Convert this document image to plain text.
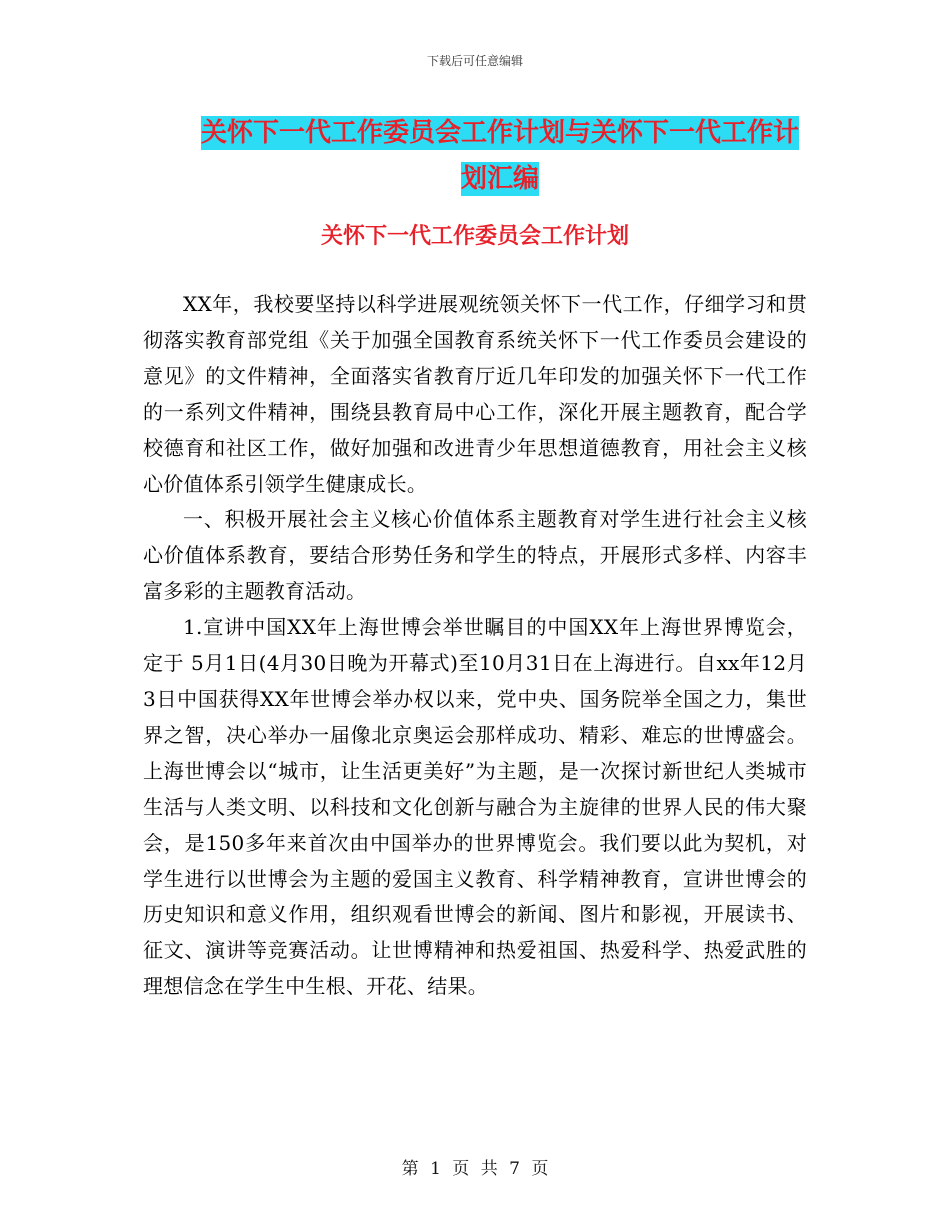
下载后可任意编辑
关怀下一代工作委员会工作计划与关怀下一代工作计划汇编
关怀下一代工作委员会工作计划

XX年，我校要坚持以科学进展观统领关怀下一代工作，仔细学习和贯彻落实教育部党组《关于加强全国教育系统关怀下一代工作委员会建设的意见》的文件精神，全面落实省教育厅近几年印发的加强关怀下一代工作的一系列文件精神，围绕县教育局中心工作，深化开展主题教育，配合学校德育和社区工作，做好加强和改进青少年思想道德教育，用社会主义核心价值体系引领学生健康成长。

一、积极开展社会主义核心价值体系主题教育对学生进行社会主义核心价值体系教育，要结合形势任务和学生的特点，开展形式多样、内容丰富多彩的主题教育活动。

1.宣讲中国XX年上海世博会举世瞩目的中国XX年上海世界博览会，定于 5月1日(4月30日晚为开幕式)至10月31日在上海进行。自xx年12月3日中国获得XX年世博会举办权以来，党中央、国务院举全国之力，集世界之智，决心举办一届像北京奥运会那样成功、精彩、难忘的世博盛会。上海世博会以“城市，让生活更美好”为主题，是一次探讨新世纪人类城市生活与人类文明、以科技和文化创新与融合为主旋律的世界人民的伟大聚会，是150多年来首次由中国举办的世界博览会。我们要以此为契机，对学生进行以世博会为主题的爱国主义教育、科学精神教育，宣讲世博会的历史知识和意义作用，组织观看世博会的新闻、图片和影视，开展读书、征文、演讲等竞赛活动。让世博精神和热爱祖国、热爱科学、热爱武胜的理想信念在学生中生根、开花、结果。

第 1 页 共 7 页
